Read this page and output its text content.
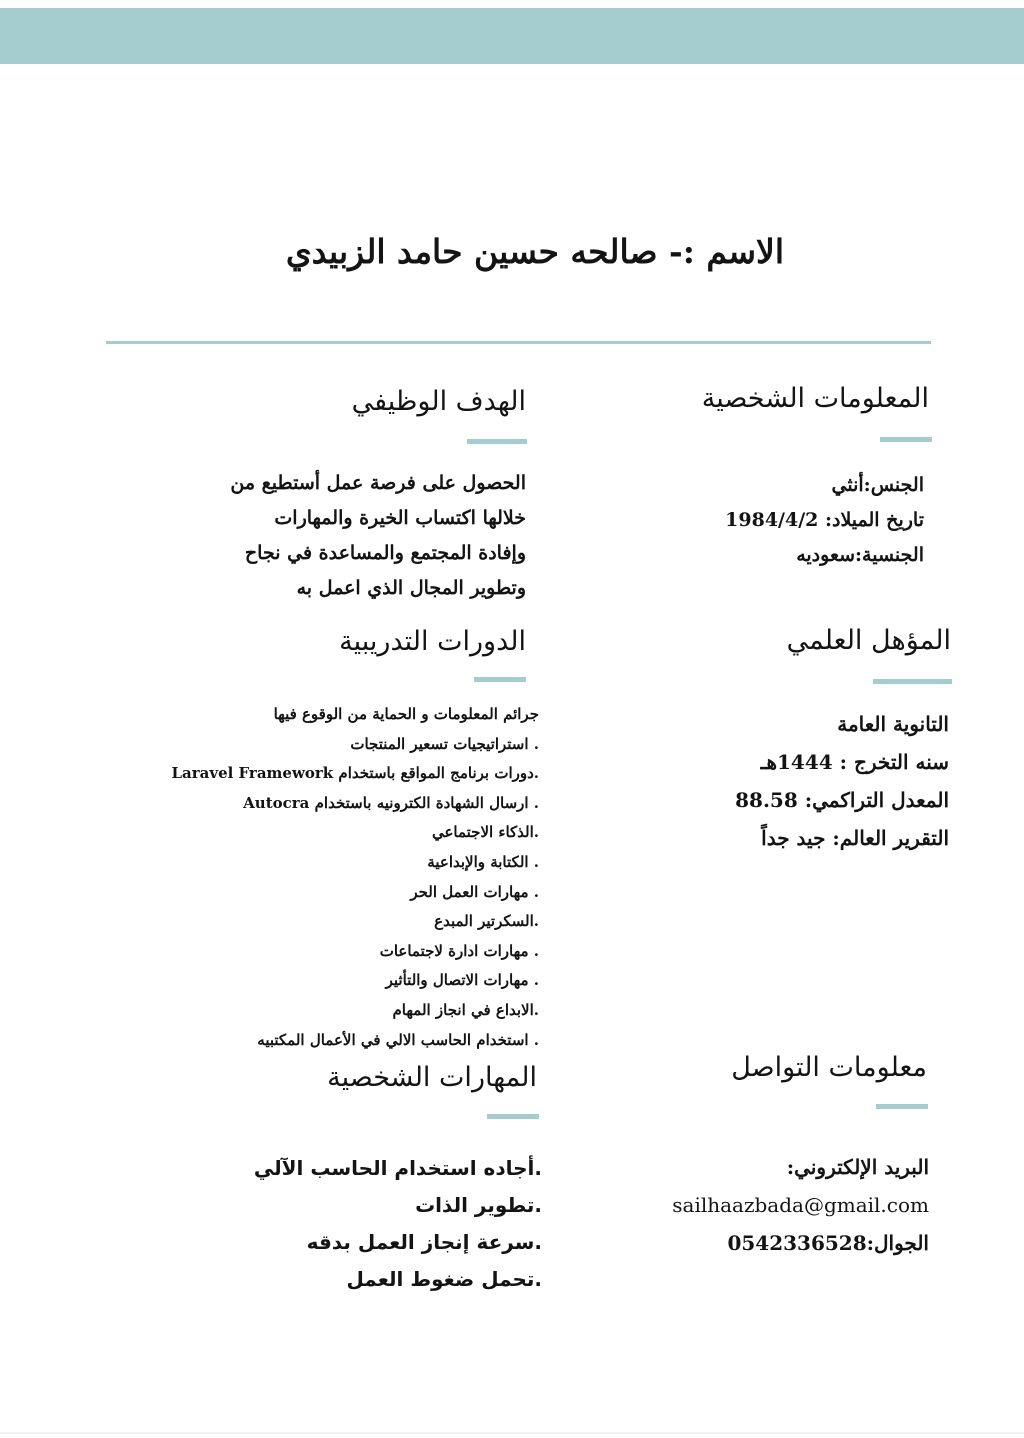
الاسم :- صالحه حسين حامد الزبيدي
المعلومات الشخصية
الجنس:أنثي
تاريخ الميلاد: 1984/4/2
الجنسية:سعوديه
الهدف الوظيفي
الحصول على فرصة عمل أستطيع من
خلالها اكتساب الخيرة والمهارات
وإفادة المجتمع والمساعدة في نجاح
وتطوير المجال الذي اعمل به
المؤهل العلمي
التانوية العامة
سنه التخرج : 1444هـ
المعدل التراكمي: 88.58
التقرير العالم: جيد جداً
الدورات التدريبية
جرائم المعلومات و الحماية من الوقوع فيها
. استراتيجيات تسعير المنتجات
.دورات برنامج المواقع باستخدام Laravel Framework
. ارسال الشهادة الكترونيه باستخدام Autocra
.الذكاء الاجتماعي
. الكتابة والإبداعية
. مهارات العمل الحر
.السكرتير المبدع
. مهارات ادارة لاجتماعات
. مهارات الاتصال والتأثير
.الابداع في انجاز المهام
. استخدام الحاسب الالي في الأعمال المكتبيه
معلومات التواصل
البريد الإلكتروني:
sailhaazbada@gmail.com
الجوال:0542336528
المهارات الشخصية
.أجاده استخدام الحاسب الآلي
.تطوير الذات
.سرعة إنجاز العمل بدقه
.تحمل ضغوط العمل
